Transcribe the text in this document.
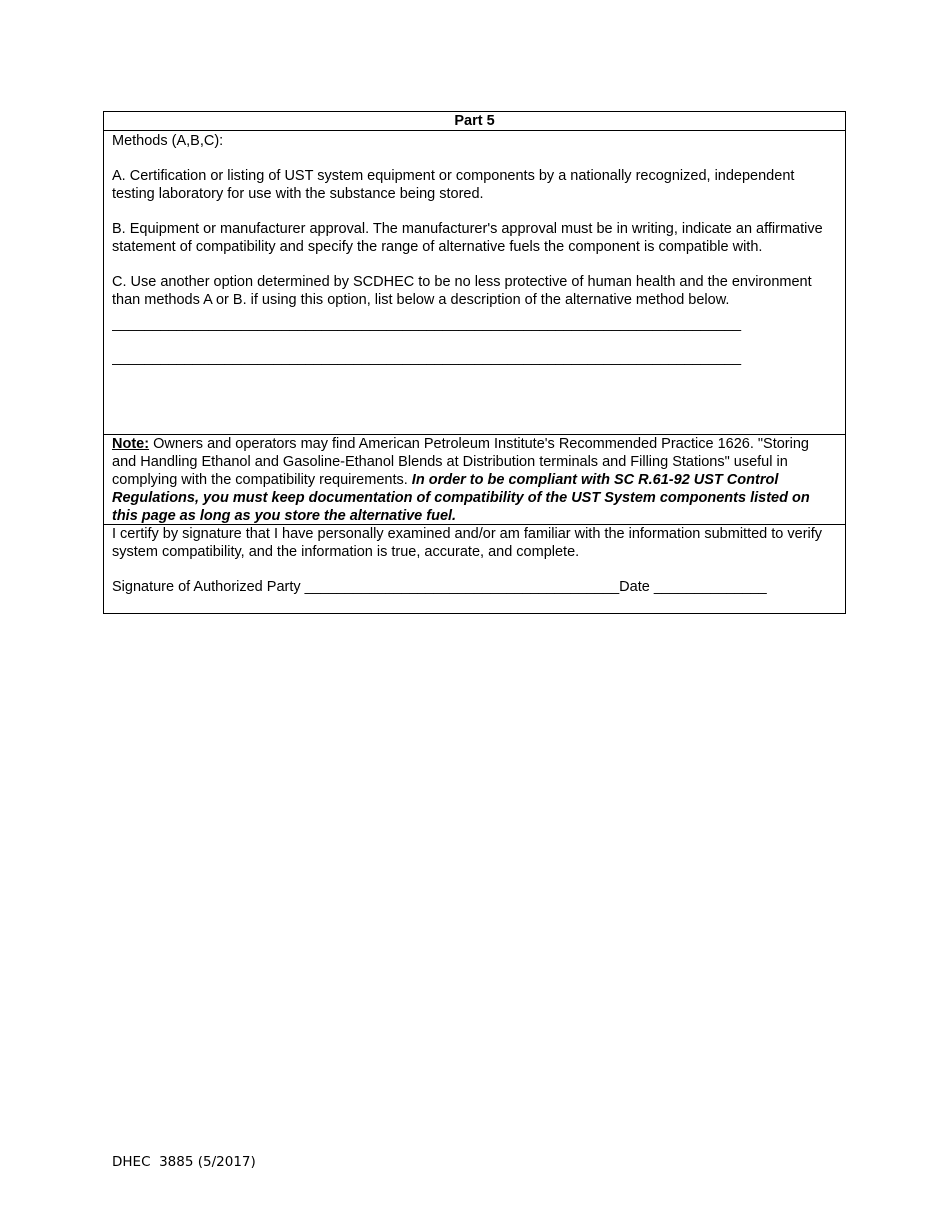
Part 5

Methods (A,B,C):

A. Certification or listing of UST system equipment or components by a nationally recognized, independent testing laboratory for use with the substance being stored.

B. Equipment or manufacturer approval. The manufacturer's approval must be in writing, indicate an affirmative statement of compatibility and specify the range of alternative fuels the component is compatible with.

C. Use another option determined by SCDHEC to be no less protective of human health and the environment than methods A or B. if using this option, list below a description of the alternative method below.

______________________________________________________________________________
______________________________________________________________________________

Note: Owners and operators may find American Petroleum Institute's Recommended Practice 1626. "Storing and Handling Ethanol and Gasoline-Ethanol Blends at Distribution terminals and Filling Stations" useful in complying with the compatibility requirements. In order to be compliant with SC R.61-92 UST Control Regulations, you must keep documentation of compatibility of the UST System components listed on this page as long as you store the alternative fuel.

I certify by signature that I have personally examined and/or am familiar with the information submitted to verify system compatibility, and the information is true, accurate, and complete.

Signature of Authorized Party _______________________________________Date ______________

DHEC  3885 (5/2017)
